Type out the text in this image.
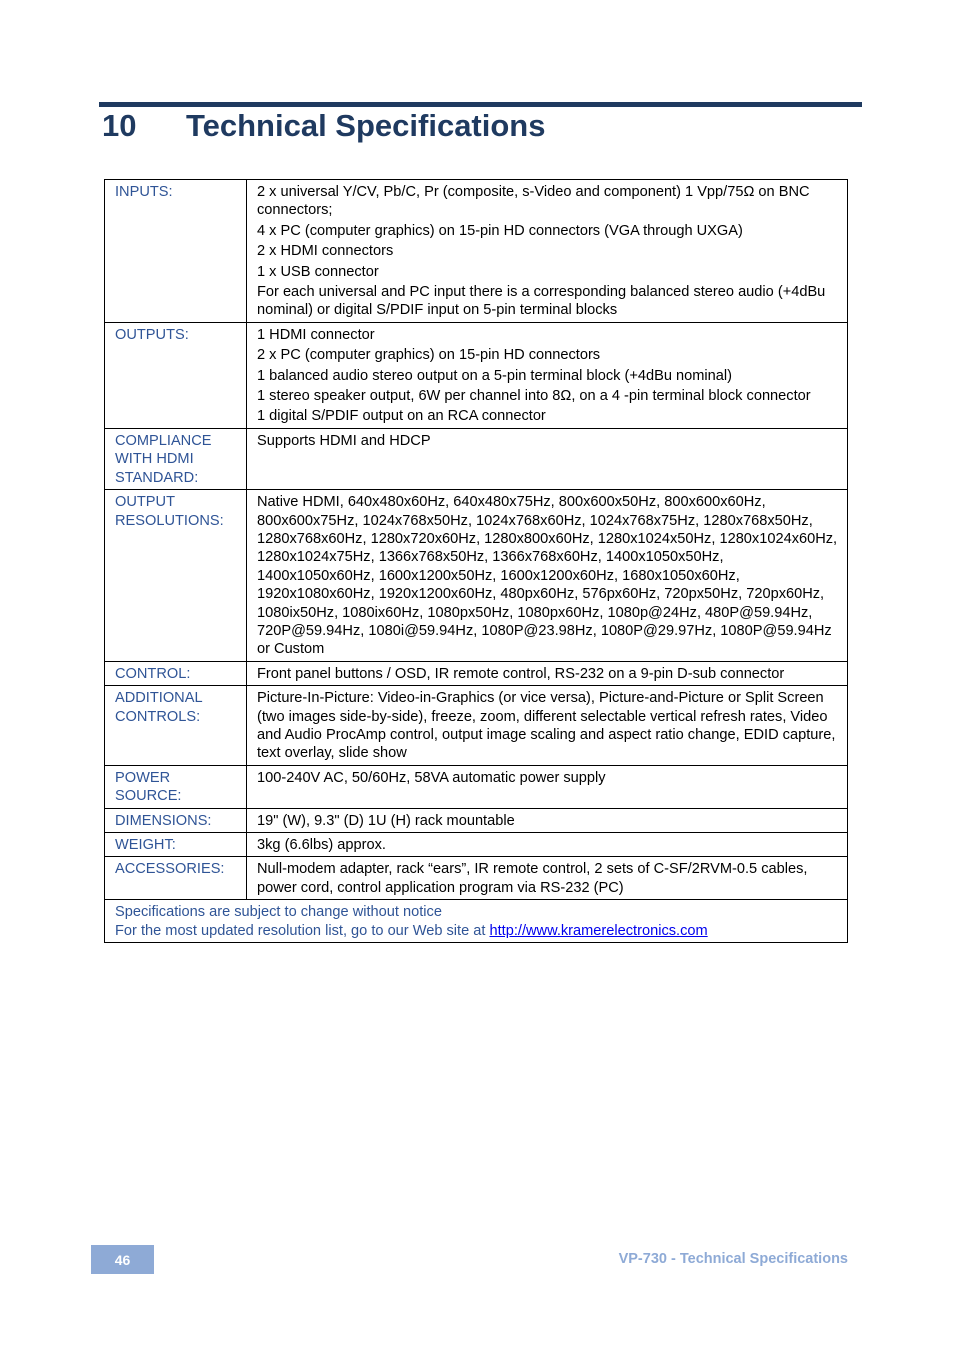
10 Technical Specifications
INPUTS:	2 x universal Y/CV, Pb/C, Pr (composite, s-Video and component) 1 Vpp/75Ω on BNC connectors;
4 x PC (computer graphics) on 15-pin HD connectors (VGA through UXGA)
2 x HDMI connectors
1 x USB connector
For each universal and PC input there is a corresponding balanced stereo audio (+4dBu nominal) or digital S/PDIF input on 5-pin terminal blocks

OUTPUTS:	1 HDMI connector
2 x PC (computer graphics) on 15-pin HD connectors
1 balanced audio stereo output on a 5-pin terminal block (+4dBu nominal)
1 stereo speaker output, 6W per channel into 8Ω, on a 4 -pin terminal block connector
1 digital S/PDIF output on an RCA connector

COMPLIANCE WITH HDMI STANDARD:	Supports HDMI and HDCP
OUTPUT RESOLUTIONS:	Native HDMI, 640x480x60Hz, 640x480x75Hz, 800x600x50Hz, 800x600x60Hz, 800x600x75Hz, 1024x768x50Hz, 1024x768x60Hz, 1024x768x75Hz, 1280x768x50Hz, 1280x768x60Hz, 1280x720x60Hz, 1280x800x60Hz, 1280x1024x50Hz, 1280x1024x60Hz, 1280x1024x75Hz, 1366x768x50Hz, 1366x768x60Hz, 1400x1050x50Hz, 1400x1050x60Hz, 1600x1200x50Hz, 1600x1200x60Hz, 1680x1050x60Hz, 1920x1080x60Hz, 1920x1200x60Hz, 480px60Hz, 576px60Hz, 720px50Hz, 720px60Hz, 1080ix50Hz, 1080ix60Hz, 1080px50Hz, 1080px60Hz, 1080p@24Hz, 480P@59.94Hz, 720P@59.94Hz, 1080i@59.94Hz, 1080P@23.98Hz, 1080P@29.97Hz, 1080P@59.94Hz or Custom
CONTROL:	Front panel buttons / OSD, IR remote control, RS-232 on a 9-pin D-sub connector
ADDITIONAL CONTROLS:	Picture-In-Picture: Video-in-Graphics (or vice versa), Picture-and-Picture or Split Screen (two images side-by-side), freeze, zoom, different selectable vertical refresh rates, Video and Audio ProcAmp control, output image scaling and aspect ratio change, EDID capture, text overlay, slide show
POWER SOURCE:	100-240V AC, 50/60Hz, 58VA automatic power supply
DIMENSIONS:	19" (W), 9.3" (D) 1U (H) rack mountable
WEIGHT:	3kg (6.6lbs) approx.
ACCESSORIES:	Null-modem adapter, rack “ears”, IR remote control, 2 sets of C-SF/2RVM-0.5 cables, power cord, control application program via RS-232 (PC)

Specifications are subject to change without notice
For the most updated resolution list, go to our Web site at http://www.kramerelectronics.com	
46	VP-730 - Technical Specifications
